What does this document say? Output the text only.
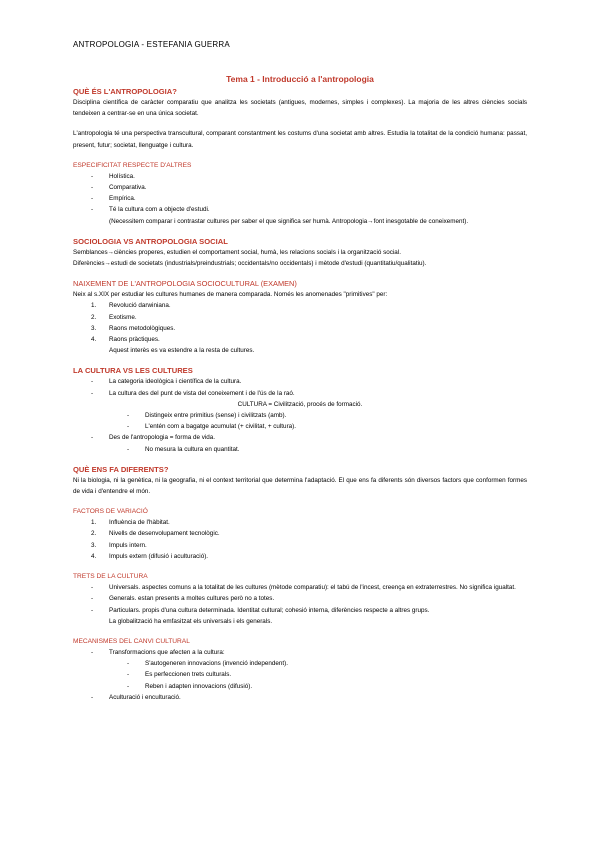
ANTROPOLOGIA - ESTEFANIA GUERRA
Tema 1 - Introducció a l'antropologia
QUÈ ÉS L'ANTROPOLOGIA?

Disciplina científica de caràcter comparatiu que analitza les societats (antigues, modernes, simples i complexes). La majoria de les altres ciències socials tendeixen a centrar-se en una única societat.

L'antropologia té una perspectiva transcultural, comparant constantment les costums d'una societat amb altres. Estudia la totalitat de la condició humana: passat, present, futur; societat, llenguatge i cultura.

ESPECIFICITAT RESPECTE D'ALTRES
-	Holística.
-	Comparativa.
-	Empírica.
-	Té la cultura com a objecte d'estudi.

(Necessitem comparar i contrastar cultures per saber el que significa ser humà. Antropologia→font inesgotable de coneixement).

SOCIOLOGIA VS ANTROPOLOGIA SOCIAL

Semblances→ciències properes, estudien el comportament social, humà, les relacions socials i la organització social.

Diferències→estudi de societats (industrials/preindustrials; occidentals/no occidentals) i mètode d'estudi (quantitatiu/qualitatiu).

NAIXEMENT DE L'ANTROPOLOGIA SOCIOCULTURAL (EXAMEN)

Neix al s.XIX per estudiar les cultures humanes de manera comparada. Només les anomenades "primitives" per:

1. Revolució darwiniana.
2. Exotisme.
3. Raons metodològiques.
4. Raons pràctiques.

Aquest interès es va estendre a la resta de cultures.

LA CULTURA VS LES CULTURES
-	La categoria ideològica i científica de la cultura.
-	La cultura des del punt de vista del coneixement i de l'ús de la raó.

CULTURA = Civilització, procés de formació.

-	Distingeix entre primitius (sense) i civilitzats (amb).
-	L'entén com a bagatge acumulat (+ civilitat, + cultura).
-	Des de l'antropologia = forma de vida.
-	No mesura la cultura en quantitat.
QUÈ ENS FA DIFERENTS?

Ni la biologia, ni la genètica, ni la geografia, ni el context territorial que determina l'adaptació. El que ens fa diferents són diversos factors que conformen formes de vida i d'entendre el món.

FACTORS DE VARIACIÓ
1. Influència de l'hàbitat.
2. Nivells de desenvolupament tecnològic.
3. Impuls intern.
4. Impuls extern (difusió i aculturació).
TRETS DE LA CULTURA
-	Universals. aspectes comuns a la totalitat de les cultures (mètode comparatiu): el tabú de l'incest, creença en extraterrestres. No significa igualtat.
-	Generals. estan presents a moltes cultures però no a totes.
-	Particulars. propis d'una cultura determinada. Identitat cultural; cohesió interna, diferències respecte a altres grups.

La globalització ha emfasitzat els universals i els generals.

MECANISMES DEL CANVI CULTURAL
-	Transformacions que afecten a la cultura:
-	S'autogeneren innovacions (invenció independent).
-	Es perfeccionen trets culturals.
-	Reben i adapten innovacions (difusió).
-	Aculturació i enculturació.
